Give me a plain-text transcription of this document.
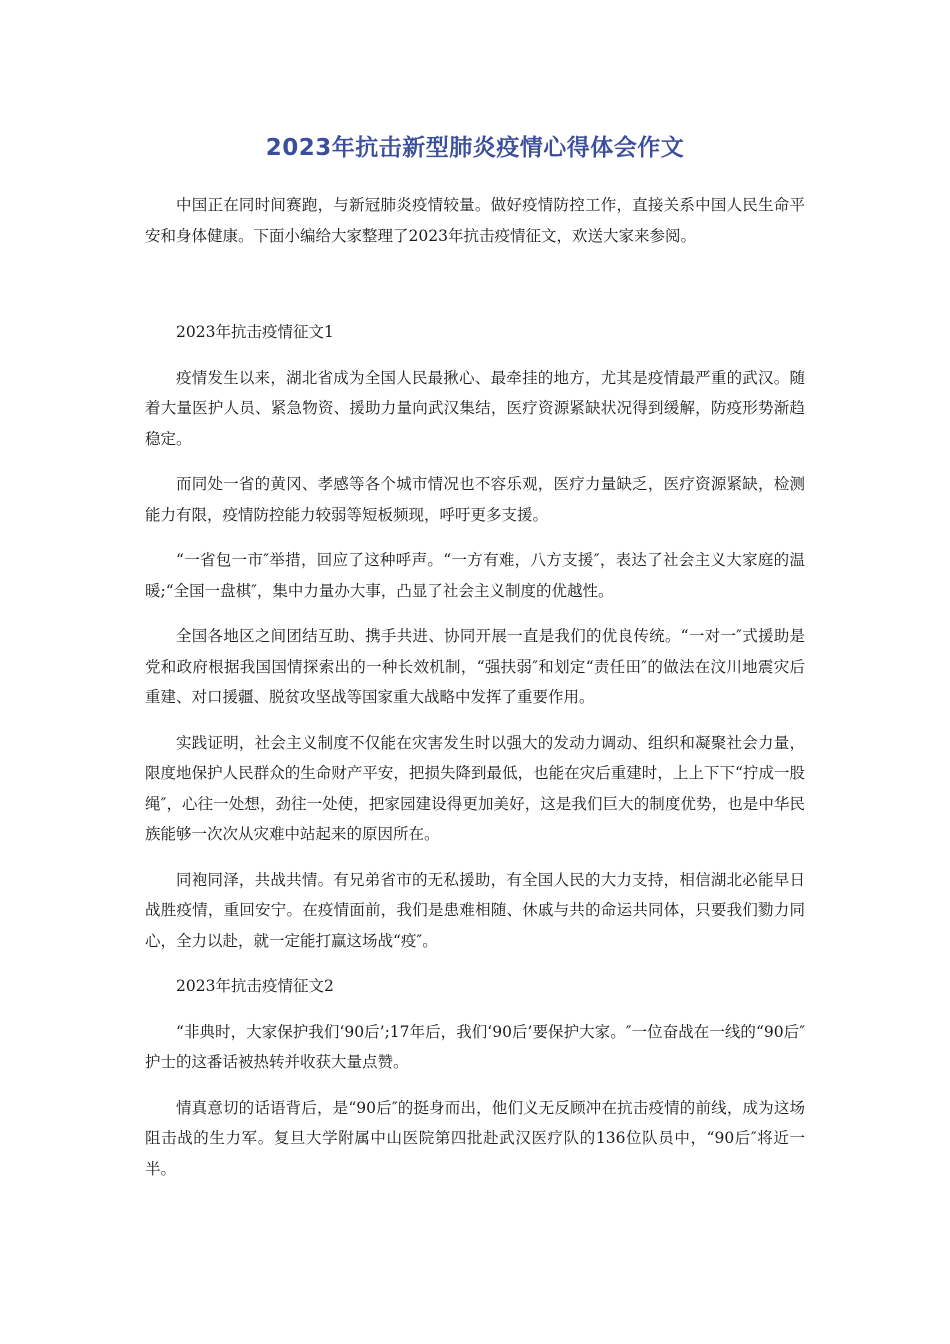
2023年抗击新型肺炎疫情心得体会作文

中国正在同时间赛跑，与新冠肺炎疫情较量。做好疫情防控工作，直接关系中国人民生命平安和身体健康。下面小编给大家整理了2023年抗击疫情征文，欢送大家来参阅。

2023年抗击疫情征文1

疫情发生以来，湖北省成为全国人民最揪心、最牵挂的地方，尤其是疫情最严重的武汉。随着大量医护人员、紧急物资、援助力量向武汉集结，医疗资源紧缺状况得到缓解，防疫形势渐趋稳定。

而同处一省的黄冈、孝感等各个城市情况也不容乐观，医疗力量缺乏，医疗资源紧缺，检测能力有限，疫情防控能力较弱等短板频现，呼吁更多支援。

“一省包一市″举措，回应了这种呼声。“一方有难，八方支援″，表达了社会主义大家庭的温暖;“全国一盘棋″，集中力量办大事，凸显了社会主义制度的优越性。

全国各地区之间团结互助、携手共进、协同开展一直是我们的优良传统。“一对一″式援助是党和政府根据我国国情探索出的一种长效机制，“强扶弱″和划定“责任田″的做法在汶川地震灾后重建、对口援疆、脱贫攻坚战等国家重大战略中发挥了重要作用。

实践证明，社会主义制度不仅能在灾害发生时以强大的发动力调动、组织和凝聚社会力量，限度地保护人民群众的生命财产平安，把损失降到最低，也能在灾后重建时，上上下下“拧成一股绳″，心往一处想，劲往一处使，把家园建设得更加美好，这是我们巨大的制度优势，也是中华民族能够一次次从灾难中站起来的原因所在。

同袍同泽，共战共情。有兄弟省市的无私援助，有全国人民的大力支持，相信湖北必能早日战胜疫情，重回安宁。在疫情面前，我们是患难相随、休戚与共的命运共同体，只要我们勠力同心，全力以赴，就一定能打赢这场战“疫″。

2023年抗击疫情征文2

“非典时，大家保护我们‘90后’;17年后，我们‘90后’要保护大家。″一位奋战在一线的“90后″护士的这番话被热转并收获大量点赞。

情真意切的话语背后，是“90后″的挺身而出，他们义无反顾冲在抗击疫情的前线，成为这场阻击战的生力军。复旦大学附属中山医院第四批赴武汉医疗队的136位队员中，“90后″将近一半。
